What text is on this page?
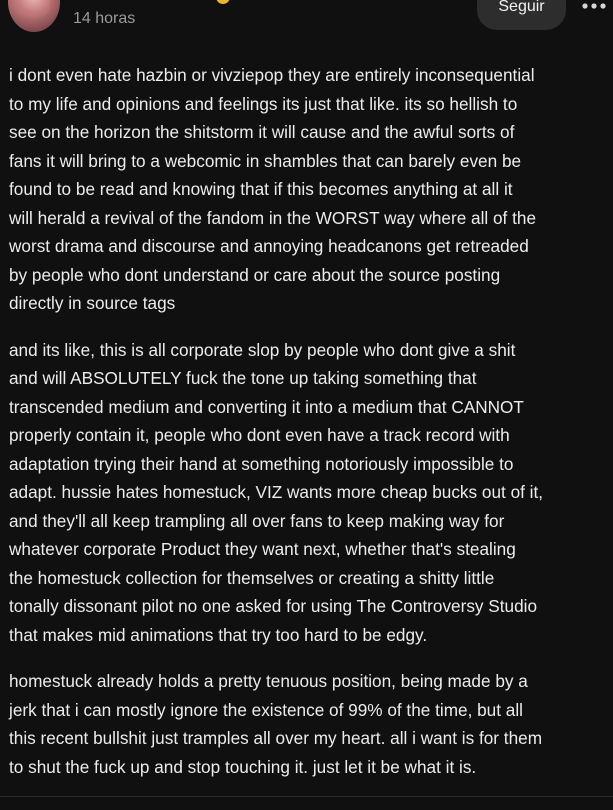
14 horas
Seguir

i dont even hate hazbin or vivziepop they are entirely inconsequential
to my life and opinions and feelings its just that like. its so hellish to
see on the horizon the shitstorm it will cause and the awful sorts of
fans it will bring to a webcomic in shambles that can barely even be
found to be read and knowing that if this becomes anything at all it
will herald a revival of the fandom in the WORST way where all of the
worst drama and discourse and annoying headcanons get retreaded
by people who dont understand or care about the source posting
directly in source tags

and its like, this is all corporate slop by people who dont give a shit
and will ABSOLUTELY fuck the tone up taking something that
transcended medium and converting it into a medium that CANNOT
properly contain it, people who dont even have a track record with
adaptation trying their hand at something notoriously impossible to
adapt. hussie hates homestuck, VIZ wants more cheap bucks out of it,
and they'll all keep trampling all over fans to keep making way for
whatever corporate Product they want next, whether that's stealing
the homestuck collection for themselves or creating a shitty little
tonally dissonant pilot no one asked for using The Controversy Studio
that makes mid animations that try too hard to be edgy.

homestuck already holds a pretty tenuous position, being made by a
jerk that i can mostly ignore the existence of 99% of the time, but all
this recent bullshit just tramples all over my heart. all i want is for them
to shut the fuck up and stop touching it. just let it be what it is.
